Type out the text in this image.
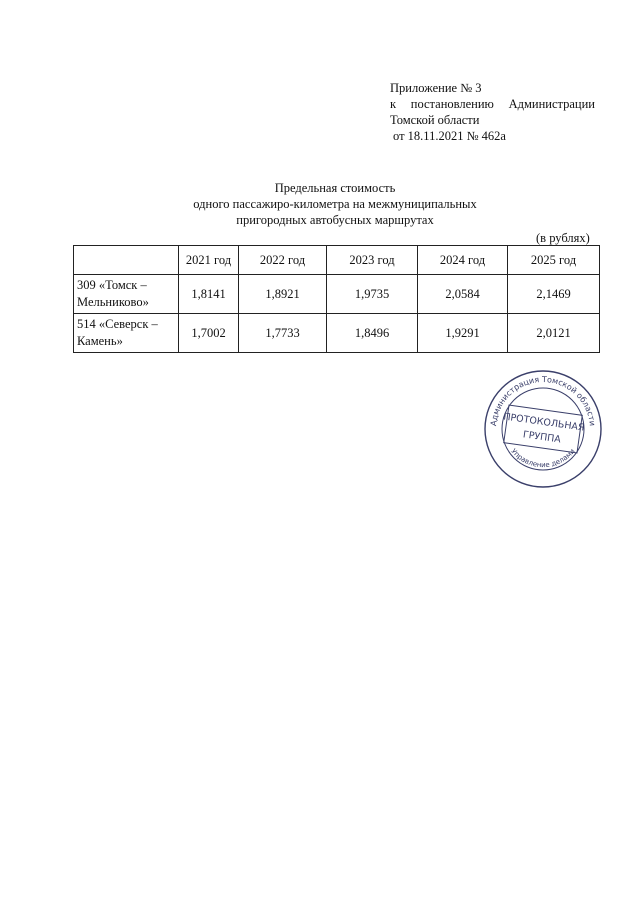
Приложение № 3
к постановлению Администрации
Томской области
от 18.11.2021 № 462а
Предельная стоимость
одного пассажиро-километра на межмуниципальных
пригородных автобусных маршрутах
(в рублях)
	2021 год	2022 год	2023 год	2024 год	2025 год
309 «Томск –
Мельниково»	1,8141	1,8921	1,9735	2,0584	2,1469
514 «Северск –
Камень»	1,7002	1,7733	1,8496	1,9291	2,0121
Администрация Томской области
Управление делами
ПРОТОКОЛЬНАЯ
ГРУППА
